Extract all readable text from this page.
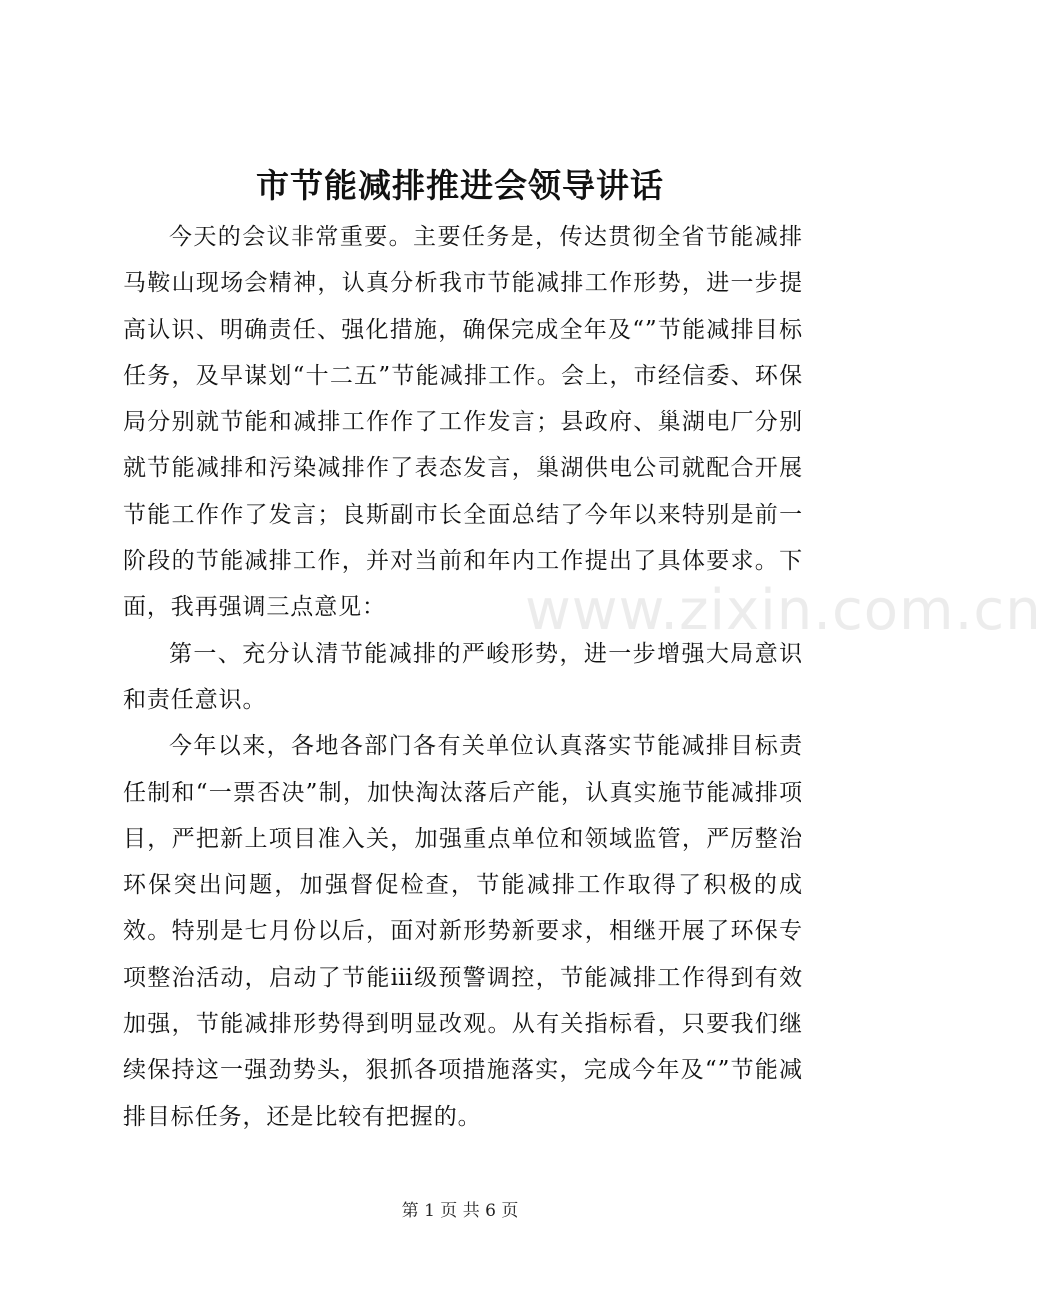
市节能减排推进会领导讲话

今天的会议非常重要。主要任务是，传达贯彻全省节能减排马鞍山现场会精神，认真分析我市节能减排工作形势，进一步提高认识、明确责任、强化措施，确保完成全年及“”节能减排目标任务，及早谋划“十二五”节能减排工作。会上，市经信委、环保局分别就节能和减排工作作了工作发言；县政府、巢湖电厂分别就节能减排和污染减排作了表态发言，巢湖供电公司就配合开展节能工作作了发言；良斯副市长全面总结了今年以来特别是前一阶段的节能减排工作，并对当前和年内工作提出了具体要求。下面，我再强调三点意见：

第一、充分认清节能减排的严峻形势，进一步增强大局意识和责任意识。

今年以来，各地各部门各有关单位认真落实节能减排目标责任制和“一票否决”制，加快淘汰落后产能，认真实施节能减排项目，严把新上项目准入关，加强重点单位和领域监管，严厉整治环保突出问题，加强督促检查，节能减排工作取得了积极的成效。特别是七月份以后，面对新形势新要求，相继开展了环保专项整治活动，启动了节能ⅲ级预警调控，节能减排工作得到有效加强，节能减排形势得到明显改观。从有关指标看，只要我们继续保持这一强劲势头，狠抓各项措施落实，完成今年及“”节能减排目标任务，还是比较有把握的。

www.zixin.com.cn
第 1 页 共 6 页
